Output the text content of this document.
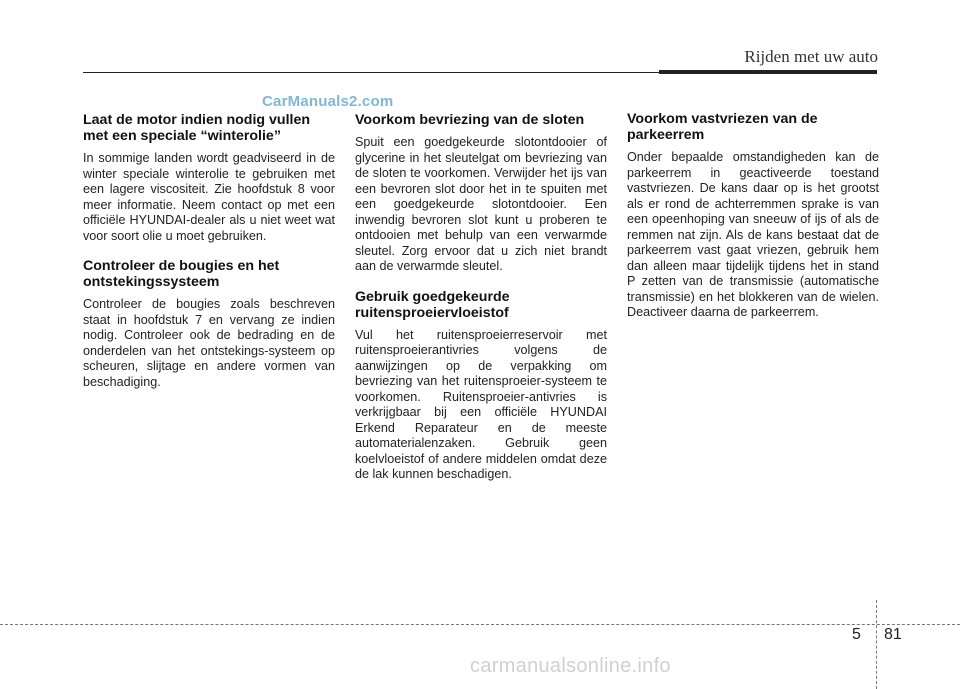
Rijden met uw auto
CarManuals2.com
Laat de motor indien nodig vullen met een speciale “winterolie”

In sommige landen wordt geadviseerd in de winter speciale winterolie te gebruiken met een lagere viscositeit. Zie hoofdstuk 8 voor meer informatie. Neem contact op met een officiële HYUNDAI-dealer als u niet weet wat voor soort olie u moet gebruiken.

Controleer de bougies en het ontstekingssysteem

Controleer de bougies zoals beschreven staat in hoofdstuk 7 en vervang ze indien nodig. Controleer ook de bedrading en de onderdelen van het ontstekings-systeem op scheuren, slijtage en andere vormen van beschadiging.

Voorkom bevriezing van de sloten

Spuit een goedgekeurde slotontdooier of glycerine in het sleutelgat om bevriezing van de sloten te voorkomen. Verwijder het ijs van een bevroren slot door het in te spuiten met een goedgekeurde slotontdooier. Een inwendig bevroren slot kunt u proberen te ontdooien met behulp van een verwarmde sleutel. Zorg ervoor dat u zich niet brandt aan de verwarmde sleutel.

Gebruik goedgekeurde ruitensproeiervloeistof

Vul het ruitensproeierreservoir met ruitensproeierantivries volgens de aanwijzingen op de verpakking om bevriezing van het ruitensproeier-systeem te voorkomen. Ruitensproeier-antivries is verkrijgbaar bij een officiële HYUNDAI Erkend Reparateur en de meeste automaterialenzaken. Gebruik geen koelvloeistof of andere middelen omdat deze de lak kunnen beschadigen.

Voorkom vastvriezen van de parkeerrem

Onder bepaalde omstandigheden kan de parkeerrem in geactiveerde toestand vastvriezen. De kans daar op is het grootst als er rond de achterremmen sprake is van een opeenhoping van sneeuw of ijs of als de remmen nat zijn. Als de kans bestaat dat de parkeerrem vast gaat vriezen, gebruik hem dan alleen maar tijdelijk tijdens het in stand P zetten van de transmissie (automatische transmissie) en het blokkeren van de wielen. Deactiveer daarna de parkeerrem.

5 81
carmanualsonline.info
